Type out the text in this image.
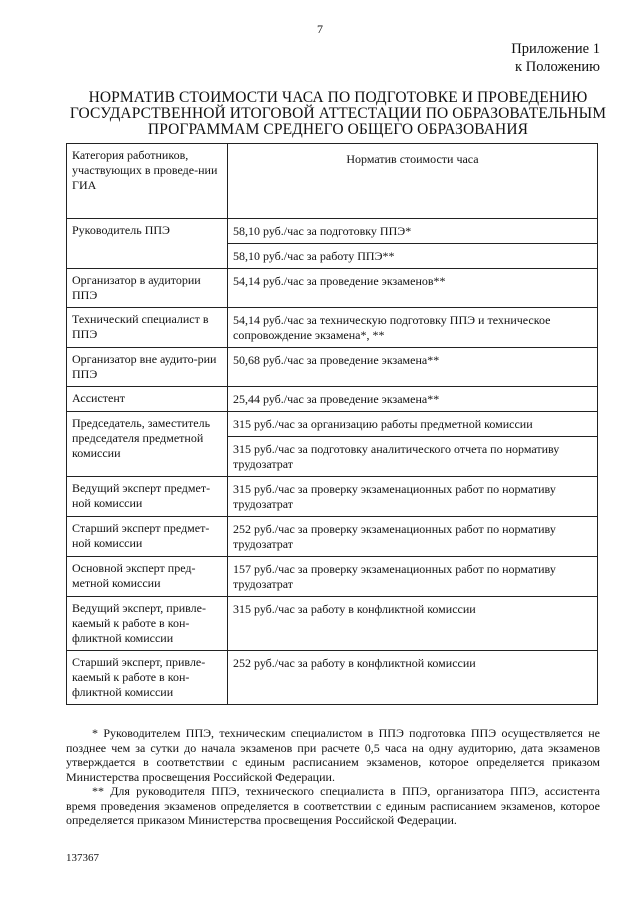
7
Приложение 1
к Положению
НОРМАТИВ СТОИМОСТИ ЧАСА ПО ПОДГОТОВКЕ И ПРОВЕДЕНИЮ
ГОСУДАРСТВЕННОЙ ИТОГОВОЙ АТТЕСТАЦИИ ПО ОБРАЗОВАТЕЛЬНЫМ
ПРОГРАММАМ СРЕДНЕГО ОБЩЕГО ОБРАЗОВАНИЯ
Категория работников, участвующих в проведе-нии ГИА	Норматив стоимости часа
Руководитель ППЭ	58,10 руб./час за подготовку ППЭ*
	58,10 руб./час за работу ППЭ**
Организатор в аудитории ППЭ	54,14 руб./час за проведение экзаменов**
Технический специалист в ППЭ	54,14 руб./час за техническую подготовку ППЭ и техническое сопровождение экзамена*, **
Организатор вне аудито-рии ППЭ	50,68 руб./час за проведение экзамена**
Ассистент	25,44 руб./час за проведение экзамена**
Председатель, заместитель председателя предметной комиссии	315 руб./час за организацию работы предметной комиссии
	315 руб./час за подготовку аналитического отчета по нормативу трудозатрат
Ведущий эксперт предмет-ной комиссии	315 руб./час за проверку экзаменационных работ по нормативу трудозатрат
Старший эксперт предмет-ной комиссии	252 руб./час за проверку экзаменационных работ по нормативу трудозатрат
Основной эксперт пред-метной комиссии	157 руб./час за проверку экзаменационных работ по нормативу трудозатрат
Ведущий эксперт, привле-каемый к работе в кон-фликтной комиссии	315 руб./час за работу в конфликтной комиссии
Старший эксперт, привле-каемый к работе в кон-фликтной комиссии	252 руб./час за работу в конфликтной комиссии

* Руководителем ППЭ, техническим специалистом в ППЭ подготовка ППЭ осуществляется не позднее чем за сутки до начала экзаменов при расчете 0,5 часа на одну аудиторию, дата экзаменов утверждается в соответствии с единым расписанием экзаменов, которое определяется приказом Министерства просвещения Российской Федерации.

** Для руководителя ППЭ, технического специалиста в ППЭ, организатора ППЭ, ассистента время проведения экзаменов определяется в соответствии с единым расписанием экзаменов, которое определяется приказом Министерства просвещения Российской Федерации.

137367
